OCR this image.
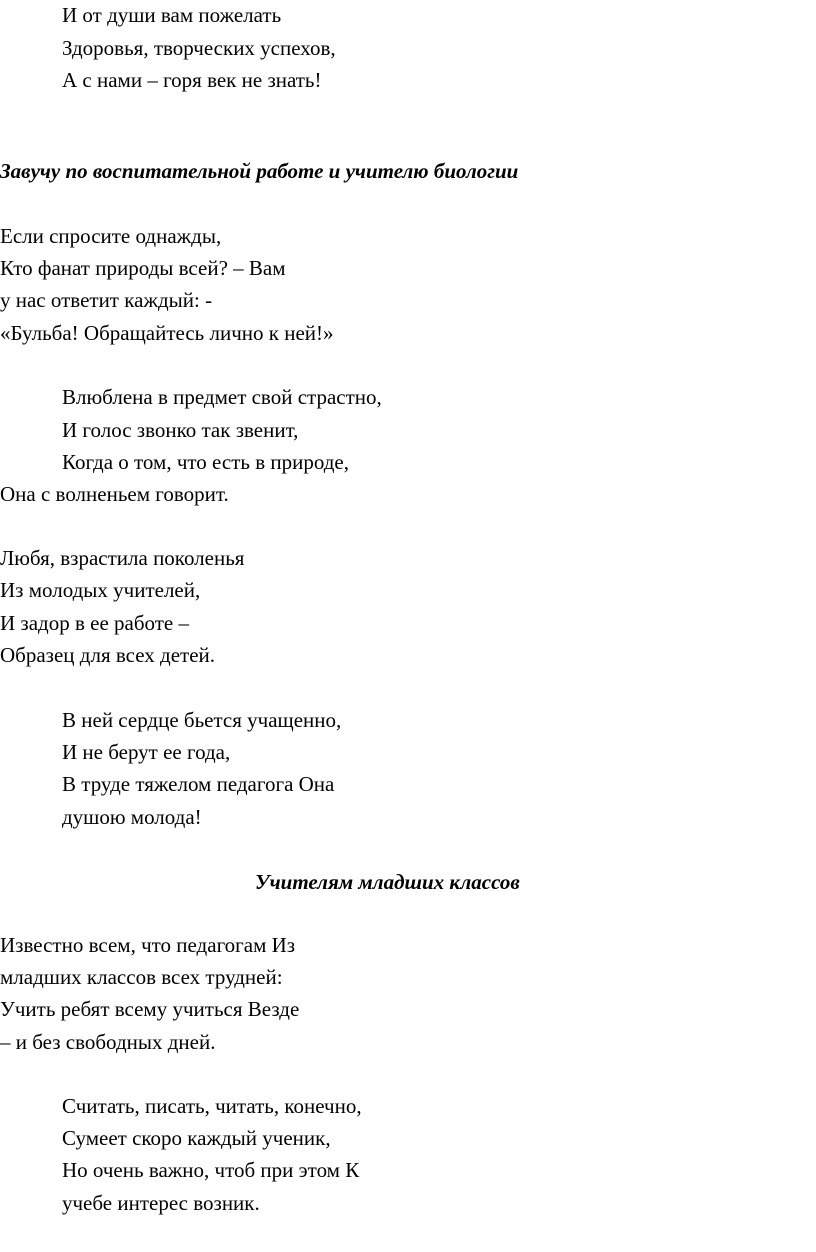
И от души вам пожелать
Здоровья, творческих успехов,
А с нами – горя век не знать!
Завучу по воспитательной работе и учителю биологии
Если спросите однажды,
Кто фанат природы всей? – Вам
у нас ответит каждый: -
«Бульба! Обращайтесь лично к ней!»
Влюблена в предмет свой страстно,
И голос звонко так звенит,
Когда о том, что есть в природе,
Она с волненьем говорит.
Любя, взрастила поколенья
Из молодых учителей,
И задор в ее работе –
Образец для всех детей.
В ней сердце бьется учащенно,
И не берут ее года,
В труде тяжелом педагога Она
душою молода!
Учителям младших классов
Известно всем, что педагогам Из
младших классов всех трудней:
Учить ребят всему учиться Везде
– и без свободных дней.
Считать, писать, читать, конечно,
Сумеет скоро каждый ученик,
Но очень важно, чтоб при этом К
учебе интерес возник.
